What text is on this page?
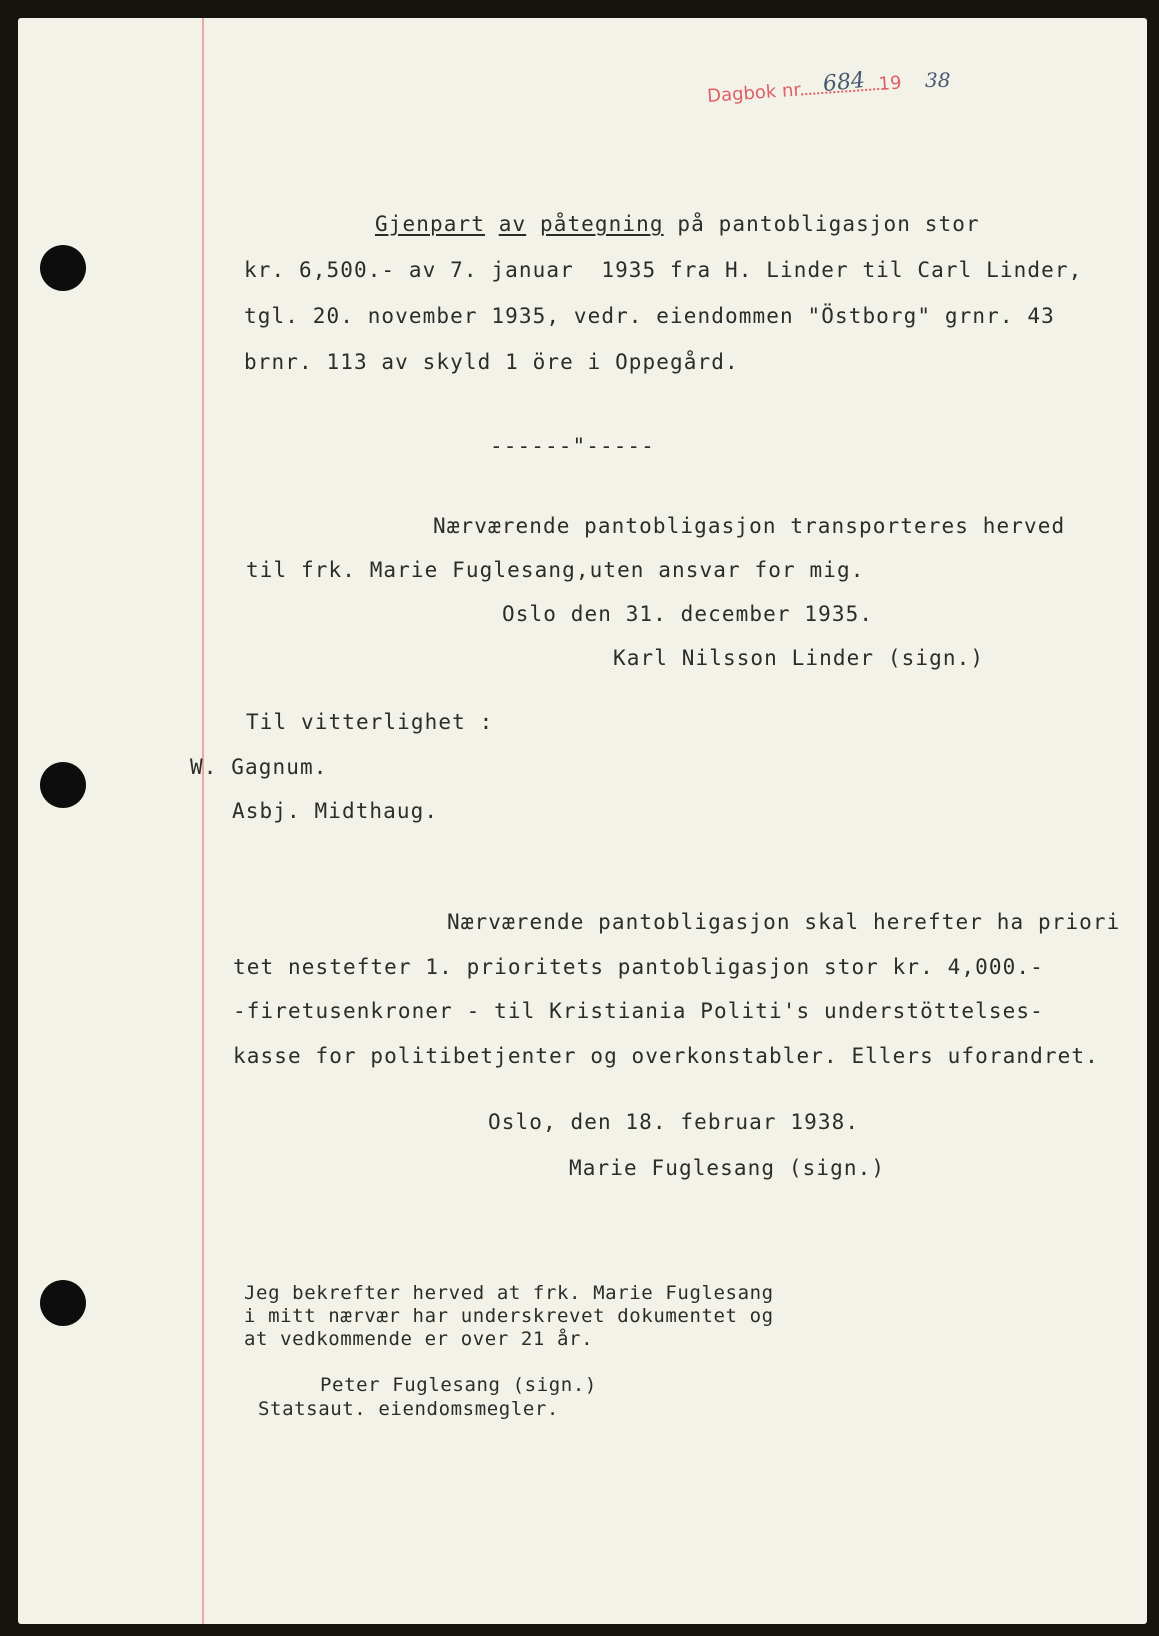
Dagbok nr.	19
684	38
Gjenpart av påtegning på pantobligasjon stor
kr. 6,500.- av 7. januar  1935 fra H. Linder til Carl Linder,
tgl. 20. november 1935, vedr. eiendommen "Östborg" grnr. 43
brnr. 113 av skyld 1 öre i Oppegård.
------"-----
Nærværende pantobligasjon transporteres herved
til frk. Marie Fuglesang,uten ansvar for mig.
Oslo den 31. december 1935.
Karl Nilsson Linder (sign.)
Til vitterlighet :
W. Gagnum.
Asbj. Midthaug.
Nærværende pantobligasjon skal herefter ha priori
tet nestefter 1. prioritets pantobligasjon stor kr. 4,000.-
-firetusenkroner - til Kristiania Politi's understöttelses-
kasse for politibetjenter og overkonstabler. Ellers uforandret.
Oslo, den 18. februar 1938.
Marie Fuglesang (sign.)
Jeg bekrefter herved at frk. Marie Fuglesang
i mitt nærvær har underskrevet dokumentet og
at vedkommende er over 21 år.
Peter Fuglesang (sign.)
Statsaut. eiendomsmegler.
